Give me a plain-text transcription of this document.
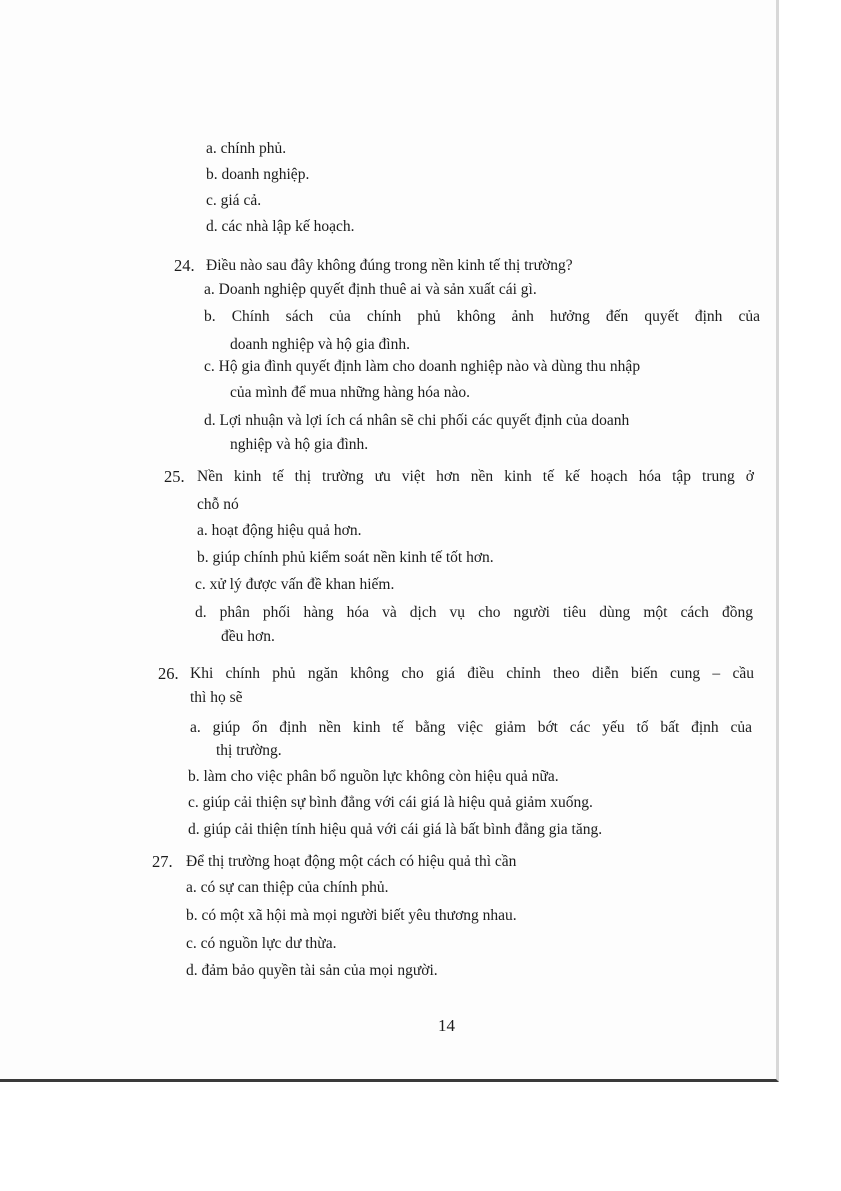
a. chính phủ.
b. doanh nghiệp.
c. giá cả.
d. các nhà lập kế hoạch.
24. Điều nào sau đây không đúng trong nền kinh tế thị trường?
a. Doanh nghiệp quyết định thuê ai và sản xuất cái gì.
b. Chính sách của chính phủ không ảnh hưởng đến quyết định của
doanh nghiệp và hộ gia đình.
c. Hộ gia đình quyết định làm cho doanh nghiệp nào và dùng thu nhập
của mình để mua những hàng hóa nào.
d. Lợi nhuận và lợi ích cá nhân sẽ chi phối các quyết định của doanh
nghiệp và hộ gia đình.
25. Nền kinh tế thị trường ưu việt hơn nền kinh tế kế hoạch hóa tập trung ở
chỗ nó
a. hoạt động hiệu quả hơn.
b. giúp chính phủ kiểm soát nền kinh tế tốt hơn.
c. xử lý được vấn đề khan hiếm.
d. phân phối hàng hóa và dịch vụ cho người tiêu dùng một cách đồng
đều hơn.
26. Khi chính phủ ngăn không cho giá điều chỉnh theo diễn biến cung – cầu
thì họ sẽ
a. giúp ổn định nền kinh tế bằng việc giảm bớt các yếu tố bất định của
thị trường.
b. làm cho việc phân bổ nguồn lực không còn hiệu quả nữa.
c. giúp cải thiện sự bình đẳng với cái giá là hiệu quả giảm xuống.
d. giúp cải thiện tính hiệu quả với cái giá là bất bình đẳng gia tăng.
27. Để thị trường hoạt động một cách có hiệu quả thì cần
a. có sự can thiệp của chính phủ.
b. có một xã hội mà mọi người biết yêu thương nhau.
c. có nguồn lực dư thừa.
d. đảm bảo quyền tài sản của mọi người.
14
